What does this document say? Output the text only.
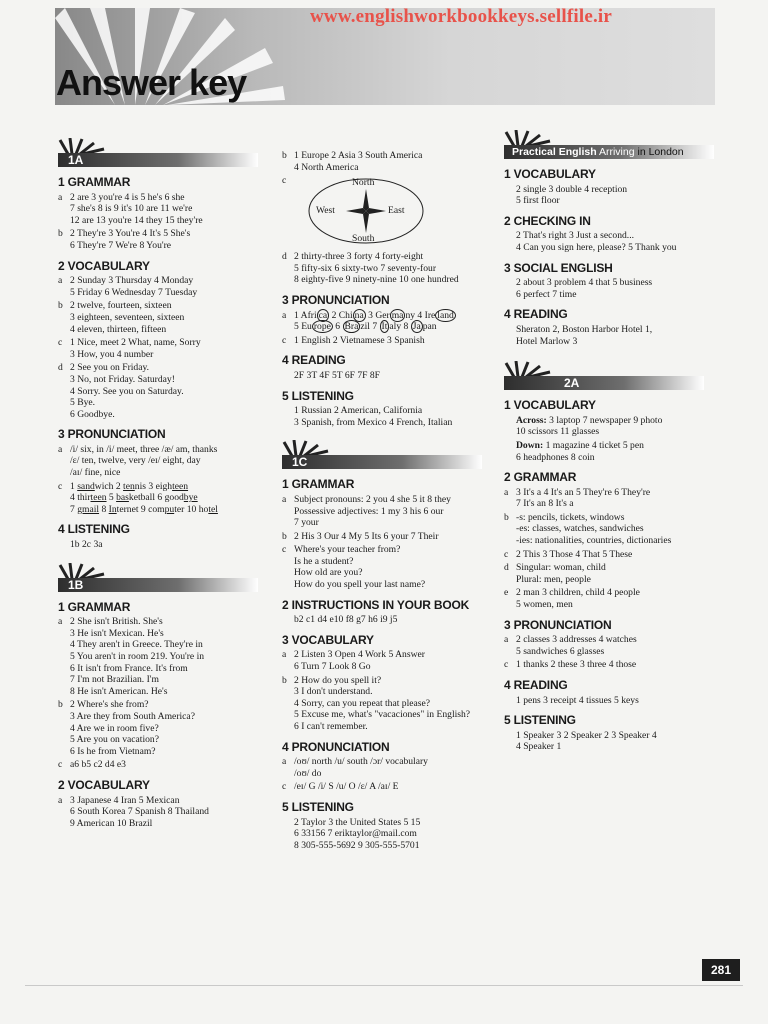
Answer key
www.englishworkbookkeys.sellfile.ir
1A
1 GRAMMAR
a 2 are 3 you're 4 is 5 he's 6 she
7 she's 8 is 9 it's 10 are 11 we're
12 are 13 you're 14 they 15 they're
b 2 They're 3 You're 4 It's 5 She's
6 They're 7 We're 8 You're
2 VOCABULARY
a 2 Sunday 3 Thursday 4 Monday
5 Friday 6 Wednesday 7 Tuesday
b 2 twelve, fourteen, sixteen
3 eighteen, seventeen, sixteen
4 eleven, thirteen, fifteen
c 1 Nice, meet 2 What, name, Sorry
3 How, you 4 number
d 2 See you on Friday.
3 No, not Friday. Saturday!
4 Sorry. See you on Saturday.
5 Bye.
6 Goodbye.
3 PRONUNCIATION
a /i/ six, in /i/ meet, three /æ/ am, thanks
/ɛ/ ten, twelve, very /eɪ/ eight, day
/aɪ/ fine, nice
c 1 sandwich 2 tennis 3 eighteen
4 thirteen 5 basketball 6 goodbye
7 gmail 8 Internet 9 computer 10 hotel
4 LISTENING
1b 2c 3a
1B
1 GRAMMAR
a 2 She isn't British. She's
3 He isn't Mexican. He's
4 They aren't in Greece. They're in
5 You aren't in room 219. You're in
6 It isn't from France. It's from
7 I'm not Brazilian. I'm
8 He isn't American. He's
b 2 Where's she from?
3 Are they from South America?
4 Are we in room five?
5 Are you on vacation?
6 Is he from Vietnam?
c a6 b5 c2 d4 e3
2 VOCABULARY
a 3 Japanese 4 Iran 5 Mexican
6 South Korea 7 Spanish 8 Thailand
9 American 10 Brazil
b 1 Europe 2 Asia 3 South America
4 North America
c	North
South
East
West
d 2 thirty-three 3 forty 4 forty-eight
5 fifty-six 6 sixty-two 7 seventy-four
8 eighty-five 9 ninety-nine 10 one hundred
3 PRONUNCIATION
a 1 Afri ca 2 Chi na 3 Ger ma ny 4 Ire land
5 Eu rope 6 Bra zil 7 It aly 8 Ja pan
c 1 English 2 Vietnamese 3 Spanish
4 READING
2F 3T 4F 5T 6F 7F 8F
5 LISTENING
1 Russian 2 American, California
3 Spanish, from Mexico 4 French, Italian
1C
1 GRAMMAR
a Subject pronouns: 2 you 4 she 5 it 8 they
Possessive adjectives: 1 my 3 his 6 our
7 your
b 2 His 3 Our 4 My 5 Its 6 your 7 Their
c Where's your teacher from?
Is he a student?
How old are you?
How do you spell your last name?
2 INSTRUCTIONS IN YOUR BOOK
b2 c1 d4 e10 f8 g7 h6 i9 j5
3 VOCABULARY
a 2 Listen 3 Open 4 Work 5 Answer
6 Turn 7 Look 8 Go
b 2 How do you spell it?
3 I don't understand.
4 Sorry, can you repeat that please?
5 Excuse me, what's "vacaciones" in English?
6 I can't remember.
4 PRONUNCIATION
a /oʊ/ north /u/ south /ɔr/ vocabulary
/oʊ/ do
c /eɪ/ G /i/ S /u/ O /ɛ/ A /aɪ/ E
5 LISTENING
2 Taylor 3 the United States 5 15
6 33156 7 eriktaylor@mail.com
8 305-555-5692 9 305-555-5701
Practical English Arriving in London
1 VOCABULARY
2 single 3 double 4 reception
5 first floor
2 CHECKING IN
2 That's right 3 Just a second...
4 Can you sign here, please? 5 Thank you
3 SOCIAL ENGLISH
2 about 3 problem 4 that 5 business
6 perfect 7 time
4 READING
Sheraton 2, Boston Harbor Hotel 1,
Hotel Marlow 3
2A
1 VOCABULARY
Across: 3 laptop 7 newspaper 9 photo
10 scissors 11 glasses
Down: 1 magazine 4 ticket 5 pen
6 headphones 8 coin
2 GRAMMAR
a 3 It's a 4 It's an 5 They're 6 They're
7 It's an 8 It's a
b -s: pencils, tickets, windows
-es: classes, watches, sandwiches
-ies: nationalities, countries, dictionaries
c 2 This 3 Those 4 That 5 These
d Singular: woman, child
Plural: men, people
e 2 man 3 children, child 4 people
5 women, men
3 PRONUNCIATION
a 2 classes 3 addresses 4 watches
5 sandwiches 6 glasses
c 1 thanks 2 these 3 three 4 those
4 READING
1 pens 3 receipt 4 tissues 5 keys
5 LISTENING
1 Speaker 3 2 Speaker 2 3 Speaker 4
4 Speaker 1
281
